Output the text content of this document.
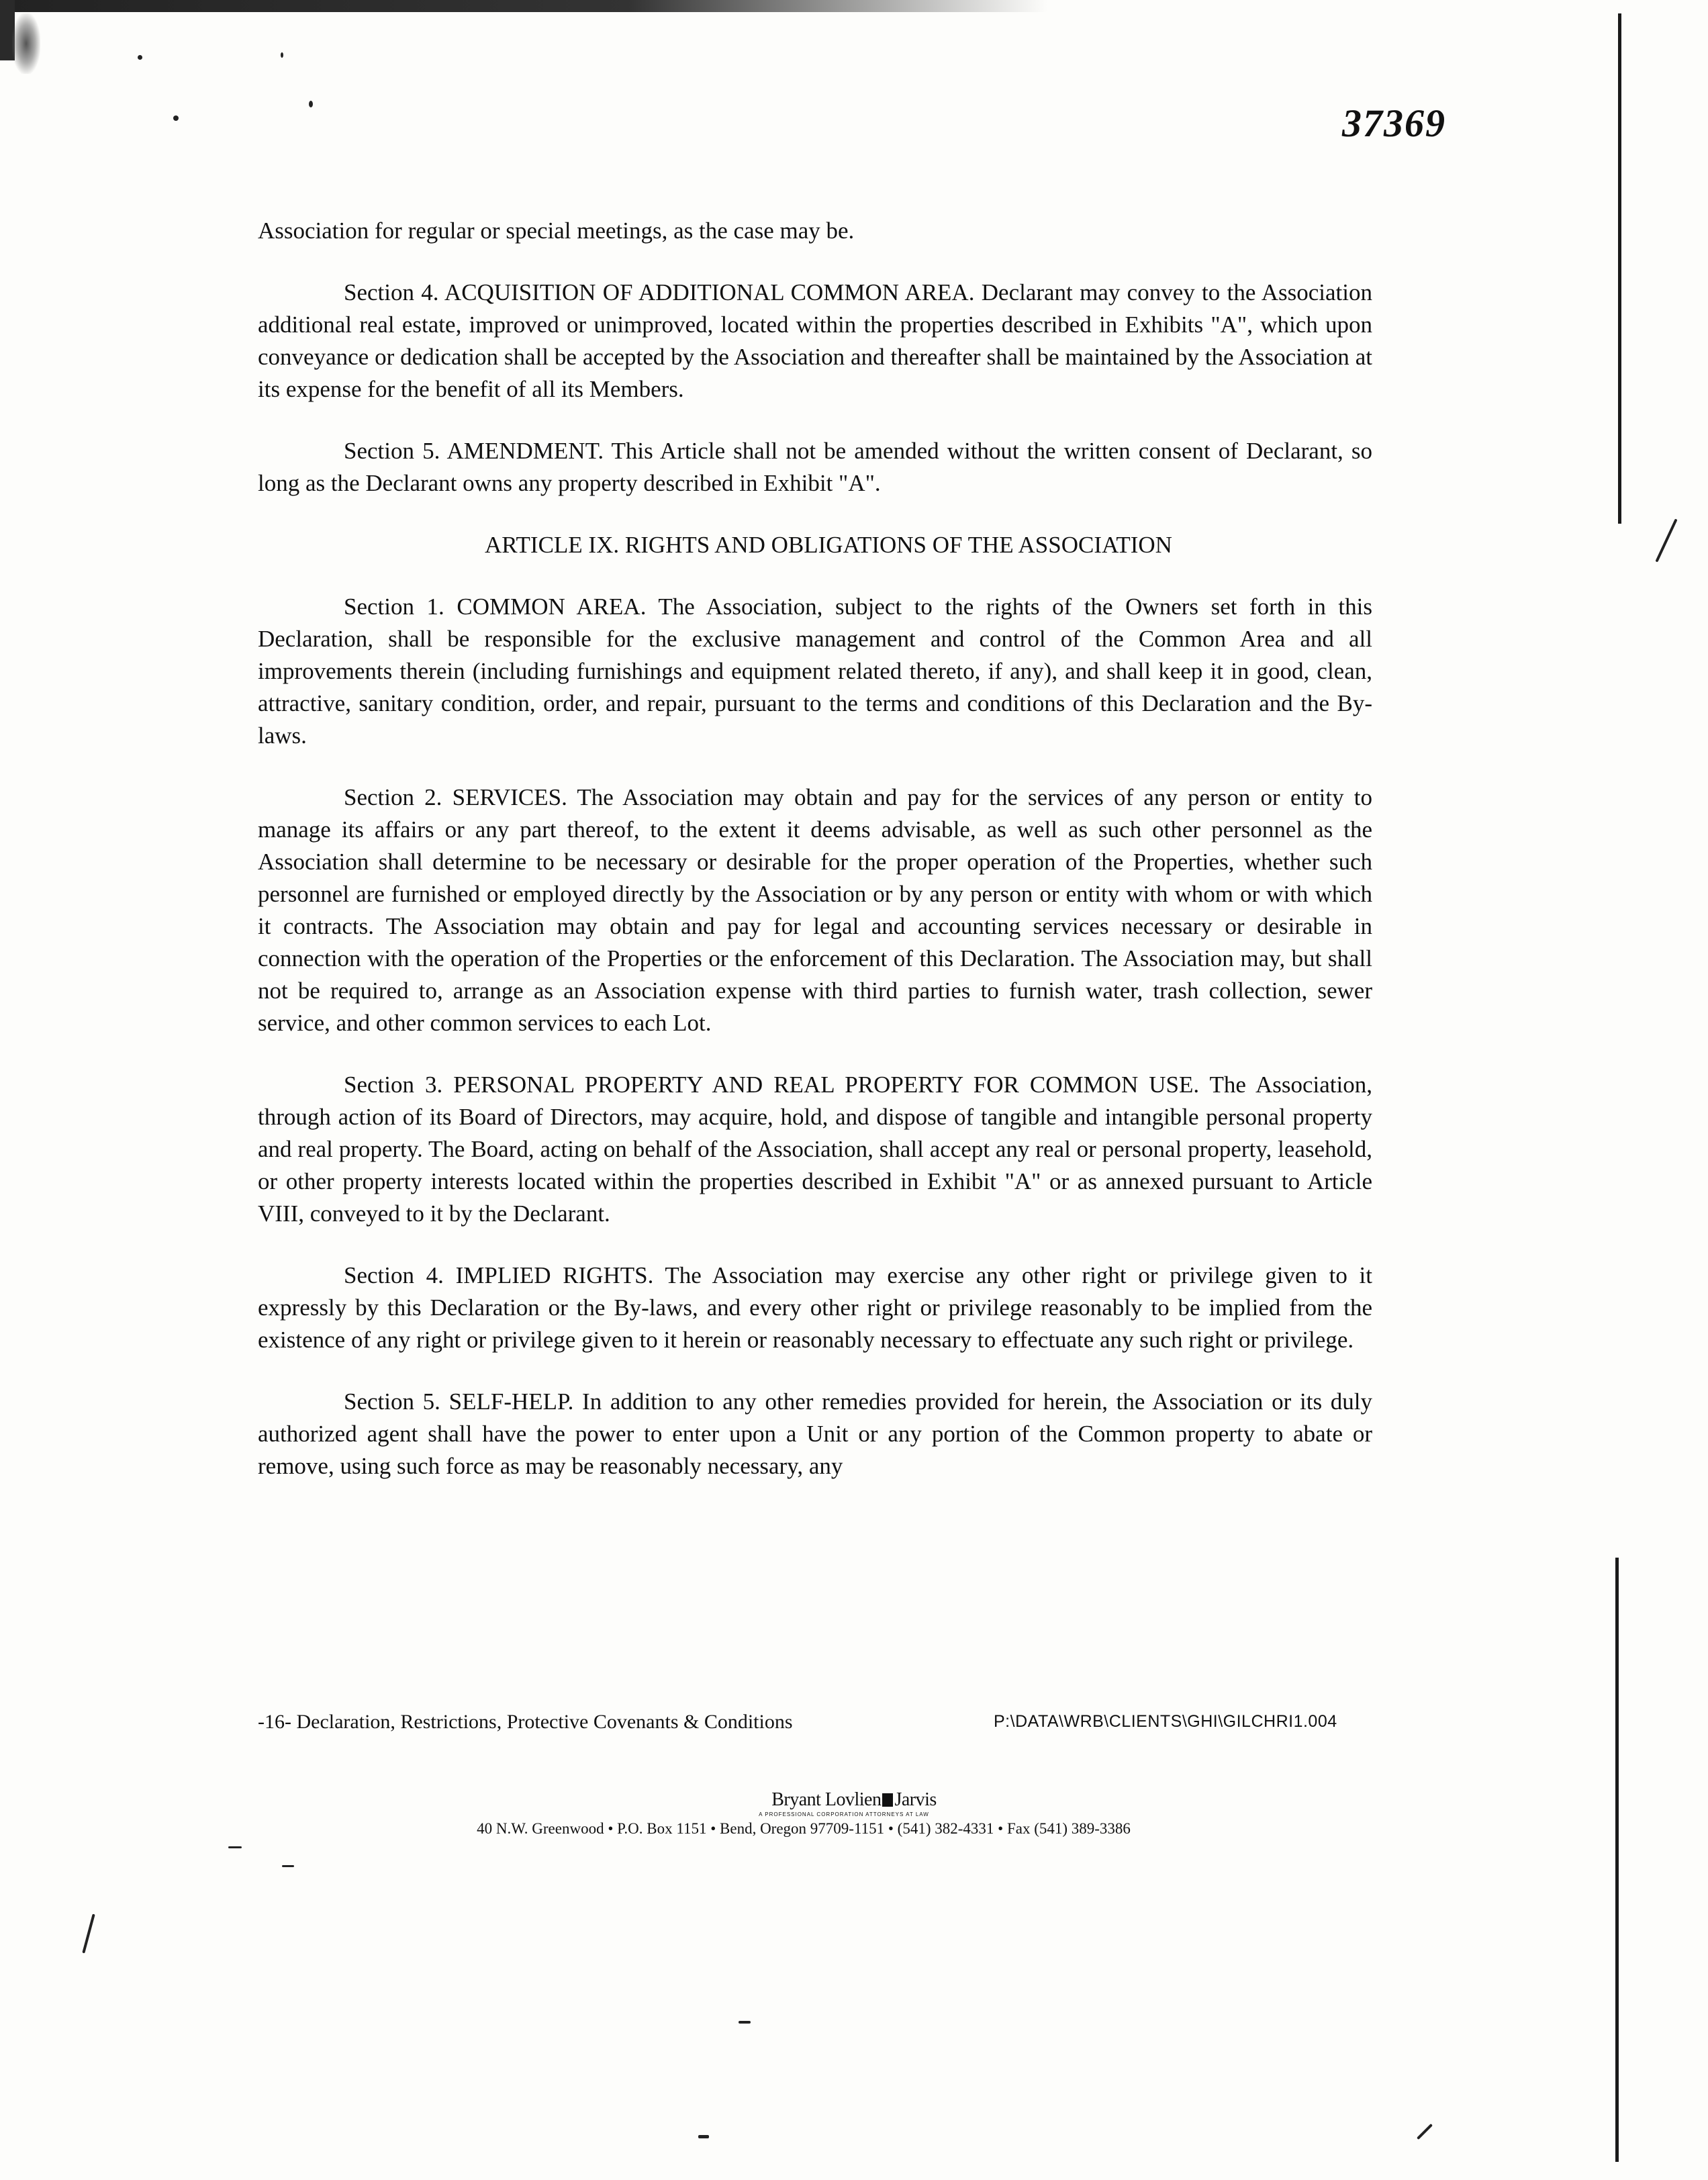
37369

Association for regular or special meetings, as the case may be.

Section 4. ACQUISITION OF ADDITIONAL COMMON AREA. Declarant may convey to the Association additional real estate, improved or unimproved, located within the properties described in Exhibits "A", which upon conveyance or dedication shall be accepted by the Association and thereafter shall be maintained by the Association at its expense for the benefit of all its Members.

Section 5. AMENDMENT. This Article shall not be amended without the written consent of Declarant, so long as the Declarant owns any property described in Exhibit "A".

ARTICLE IX. RIGHTS AND OBLIGATIONS OF THE ASSOCIATION

Section 1. COMMON AREA. The Association, subject to the rights of the Owners set forth in this Declaration, shall be responsible for the exclusive management and control of the Common Area and all improvements therein (including furnishings and equipment related thereto, if any), and shall keep it in good, clean, attractive, sanitary condition, order, and repair, pursuant to the terms and conditions of this Declaration and the By-laws.

Section 2. SERVICES. The Association may obtain and pay for the services of any person or entity to manage its affairs or any part thereof, to the extent it deems advisable, as well as such other personnel as the Association shall determine to be necessary or desirable for the proper operation of the Properties, whether such personnel are furnished or employed directly by the Association or by any person or entity with whom or with which it contracts. The Association may obtain and pay for legal and accounting services necessary or desirable in connection with the operation of the Properties or the enforcement of this Declaration. The Association may, but shall not be required to, arrange as an Association expense with third parties to furnish water, trash collection, sewer service, and other common services to each Lot.

Section 3. PERSONAL PROPERTY AND REAL PROPERTY FOR COMMON USE. The Association, through action of its Board of Directors, may acquire, hold, and dispose of tangible and intangible personal property and real property. The Board, acting on behalf of the Association, shall accept any real or personal property, leasehold, or other property interests located within the properties described in Exhibit "A" or as annexed pursuant to Article VIII, conveyed to it by the Declarant.

Section 4. IMPLIED RIGHTS. The Association may exercise any other right or privilege given to it expressly by this Declaration or the By-laws, and every other right or privilege reasonably to be implied from the existence of any right or privilege given to it herein or reasonably necessary to effectuate any such right or privilege.

Section 5. SELF-HELP. In addition to any other remedies provided for herein, the Association or its duly authorized agent shall have the power to enter upon a Unit or any portion of the Common property to abate or remove, using such force as may be reasonably necessary, any

-16- Declaration, Restrictions, Protective Covenants & Conditions	P:\DATA\WRB\CLIENTS\GHI\GILCHRI1.004
Bryant Lovlien Jarvis
A PROFESSIONAL CORPORATION ATTORNEYS AT LAW
40 N.W. Greenwood • P.O. Box 1151 • Bend, Oregon 97709-1151 • (541) 382-4331 • Fax (541) 389-3386
